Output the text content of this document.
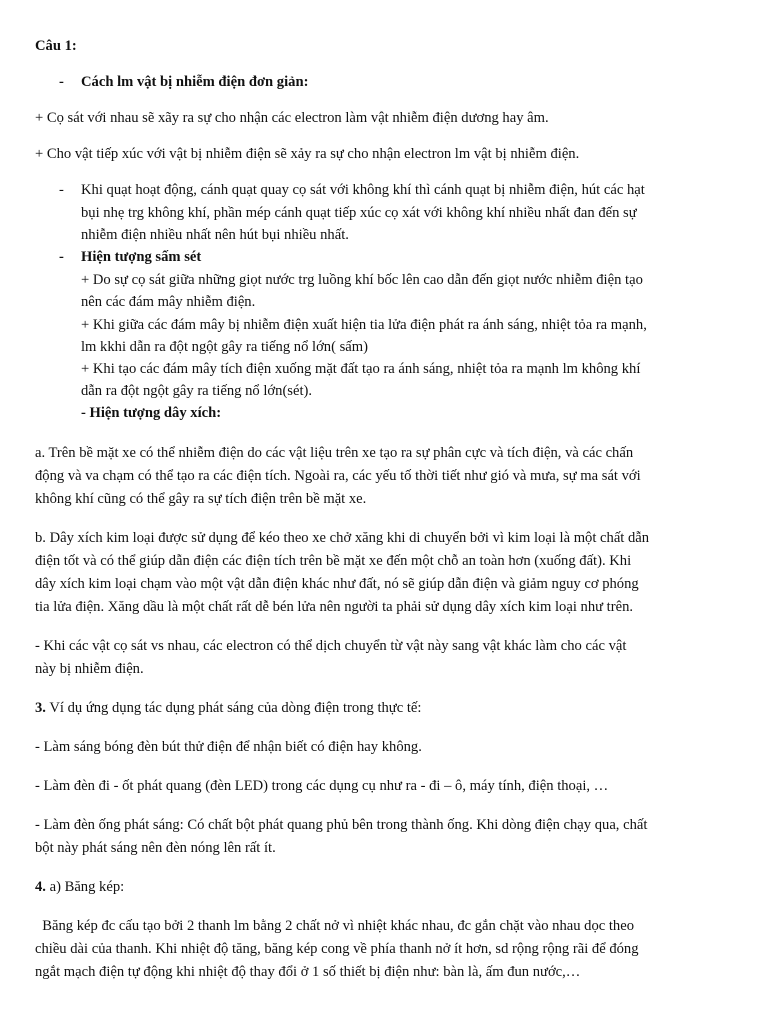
Câu 1:

- Cách lm vật bị nhiễm điện đơn giản:

+ Cọ sát với nhau sẽ xãy ra sự cho nhận các electron làm vật nhiễm điện dương hay âm.

+ Cho vật tiếp xúc với vật bị nhiễm điện sẽ xảy ra sự cho nhận electron lm vật bị nhiễm điện.

- Khi quạt hoạt động, cánh quạt quay cọ sát với không khí thì cánh quạt bị nhiễm điện, hút các hạt

bụi nhẹ trg không khí, phần mép cánh quạt tiếp xúc cọ xát với không khí nhiều nhất đan đến sự

nhiễm điện nhiều nhất nên hút bụi nhiều nhất.

- Hiện tượng sấm sét

+ Do sự cọ sát giữa những giọt nước trg luồng khí bốc lên cao dẫn đến giọt nước nhiễm điện tạo

nên các đám mây nhiễm điện.

+ Khi giữa các đám mây bị nhiễm điện xuất hiện tia lửa điện phát ra ánh sáng, nhiệt tỏa ra mạnh,

lm kkhi dẫn ra đột ngột gây ra tiếng nổ lớn( sấm)

+ Khi tạo các đám mây tích điện xuống mặt đất tạo ra ánh sáng, nhiệt tỏa ra mạnh lm không khí

dẫn ra đột ngột gây ra tiếng nổ lớn(sét).

- Hiện tượng dây xích:

a. Trên bề mặt xe có thể nhiễm điện do các vật liệu trên xe tạo ra sự phân cực và tích điện, và các chấn

động và va chạm có thể tạo ra các điện tích. Ngoài ra, các yếu tố thời tiết như gió và mưa, sự ma sát với

không khí cũng có thể gây ra sự tích điện trên bề mặt xe.

b. Dây xích kim loại được sử dụng để kéo theo xe chở xăng khi di chuyển bởi vì kim loại là một chất dẫn

điện tốt và có thể giúp dẫn điện các điện tích trên bề mặt xe đến một chỗ an toàn hơn (xuống đất). Khi

dây xích kim loại chạm vào một vật dẫn điện khác như đất, nó sẽ giúp dẫn điện và giảm nguy cơ phóng

tia lửa điện. Xăng dầu là một chất rất dễ bén lửa nên người ta phải sử dụng dây xích kim loại như trên.

- Khi các vật cọ sát vs nhau, các electron có thể dịch chuyển từ vật này sang vật khác làm cho các vật

này bị nhiễm điện.

3. Ví dụ ứng dụng tác dụng phát sáng của dòng điện trong thực tế:

- Làm sáng bóng đèn bút thử điện để nhận biết có điện hay không.

- Làm đèn đi - ốt phát quang (đèn LED) trong các dụng cụ như ra - đi – ô, máy tính, điện thoại, …

- Làm đèn ống phát sáng: Có chất bột phát quang phủ bên trong thành ống. Khi dòng điện chạy qua, chất

bột này phát sáng nên đèn nóng lên rất ít.

4. a) Băng kép:

Băng kép đc cấu tạo bởi 2 thanh lm bằng 2 chất nở vì nhiệt khác nhau, đc gắn chặt vào nhau dọc theo

chiều dài của thanh. Khi nhiệt độ tăng, băng kép cong về phía thanh nở ít hơn, sd rộng rộng rãi để đóng

ngắt mạch điện tự động khi nhiệt độ thay đổi ở 1 số thiết bị điện như: bàn là, ấm đun nước,…
